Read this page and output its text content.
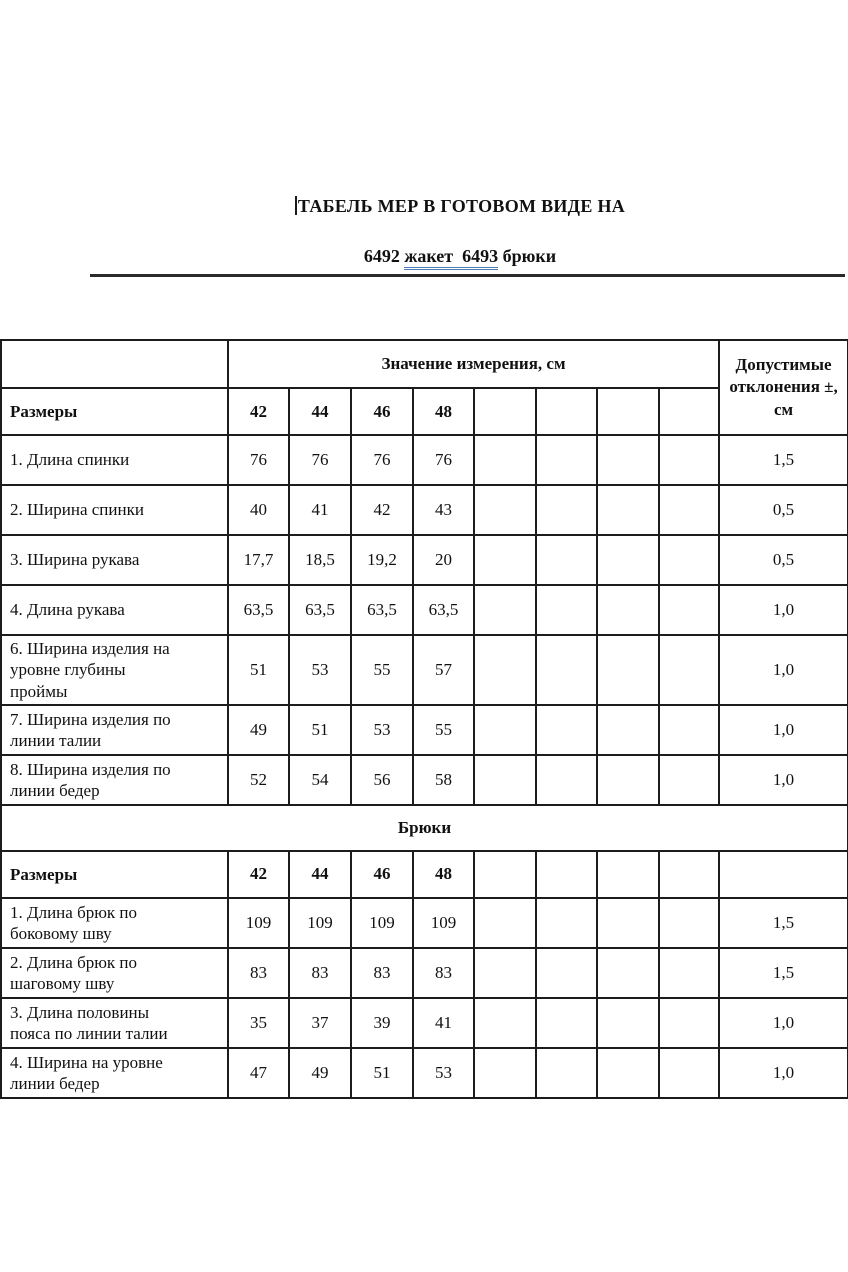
ТАБЕЛЬ МЕР В ГОТОВОМ ВИДЕ НА
6492 жакет  6493 брюки
	Значение измерения, см								Допустимые отклонения ±, см
Размеры	42	44	46	48					
1. Длина спинки	76	76	76	76					1,5
2. Ширина спинки	40	41	42	43					0,5
3. Ширина рукава	17,7	18,5	19,2	20					0,5
4. Длина рукава	63,5	63,5	63,5	63,5					1,0
6. Ширина изделия на уровне глубины проймы	51	53	55	57					1,0
7. Ширина изделия по линии талии	49	51	53	55					1,0
8. Ширина изделия по линии бедер	52	54	56	58					1,0
Брюки									
Размеры	42	44	46	48					
1. Длина брюк по боковому шву	109	109	109	109					1,5
2. Длина брюк по шаговому шву	83	83	83	83					1,5
3. Длина половины пояса по линии талии	35	37	39	41					1,0
4. Ширина на уровне линии бедер	47	49	51	53					1,0
